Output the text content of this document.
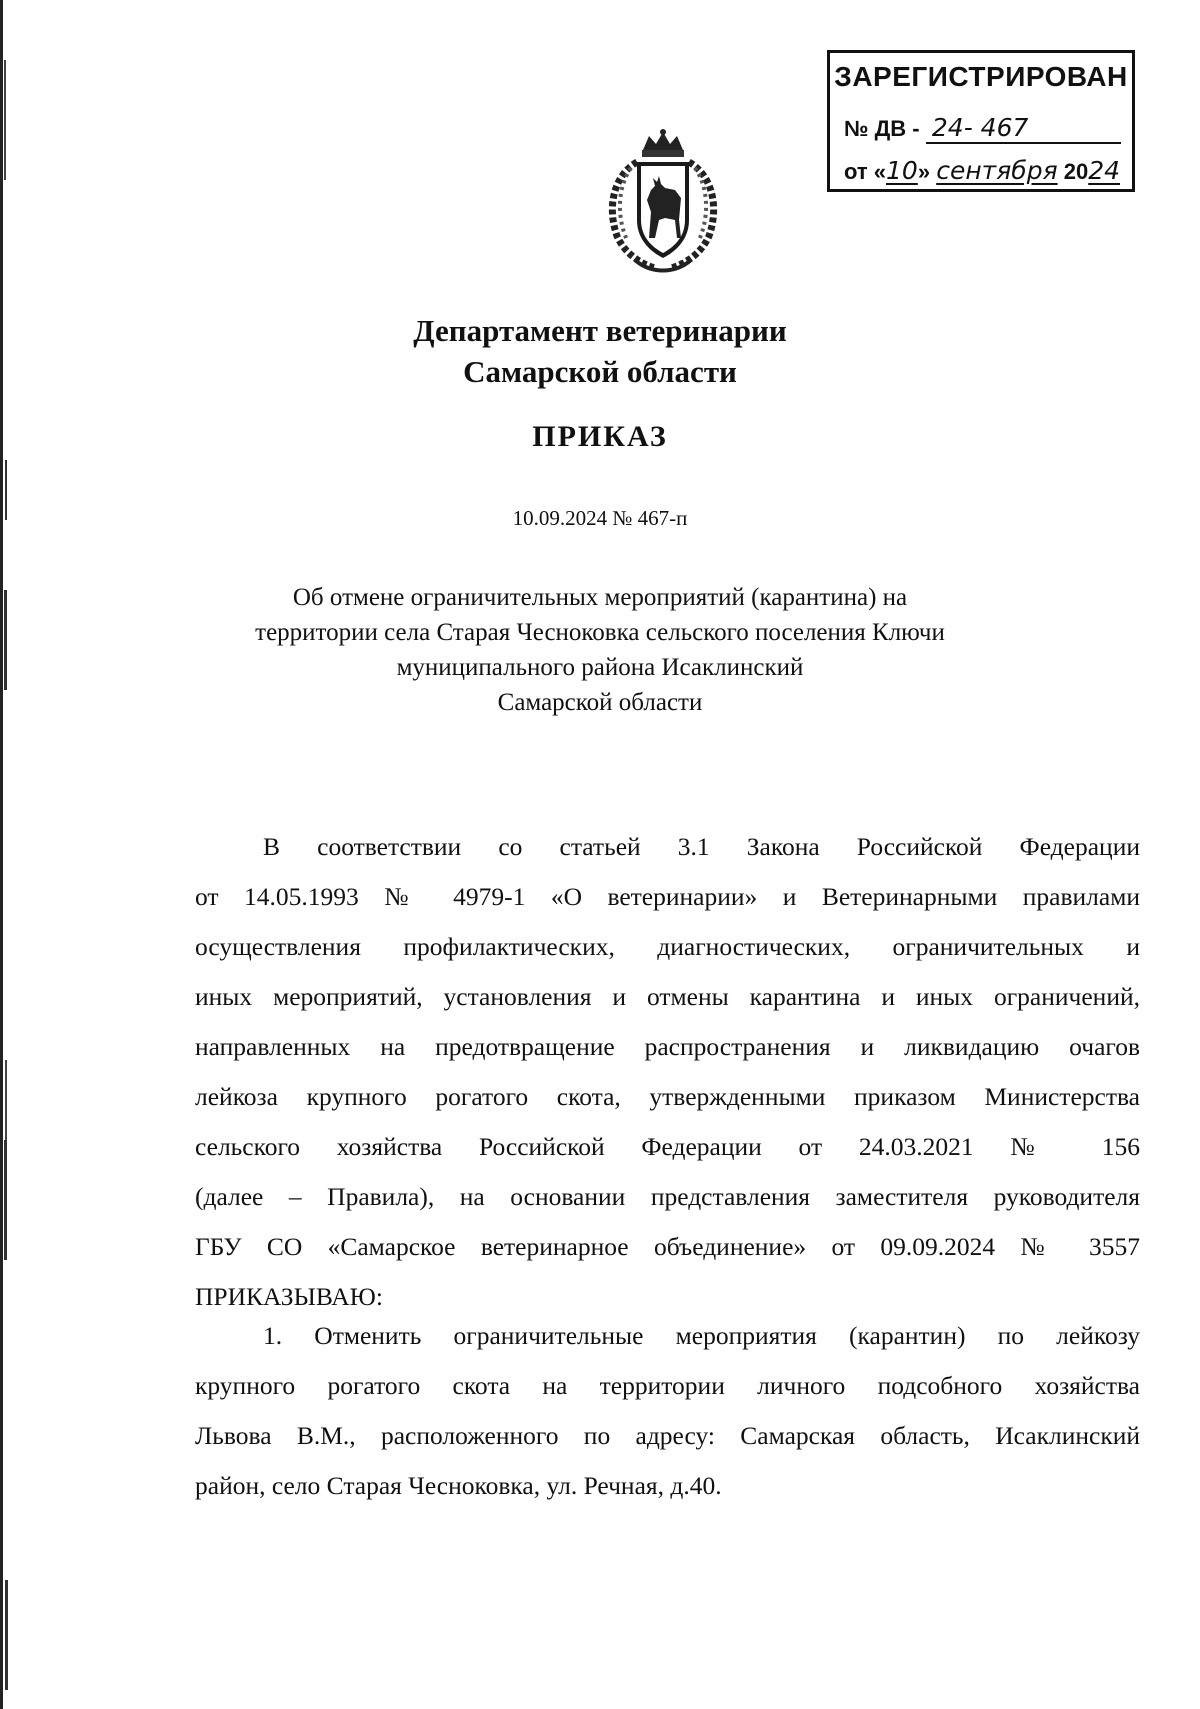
ЗАРЕГИСТРИРОВАН
№ ДВ - 24- 467
от «10» сентября 2024
Департамент ветеринарии
Самарской области
ПРИКАЗ
10.09.2024 № 467-п
Об отмене ограничительных мероприятий (карантина) на
территории села Старая Чесноковка сельского поселения Ключи
муниципального района Исаклинский
Самарской области
В соответствии со статьей 3.1 Закона Российской Федерации
от 14.05.1993 № 4979-1 «О ветеринарии» и Ветеринарными правилами
осуществления профилактических, диагностических, ограничительных и
иных мероприятий, установления и отмены карантина и иных ограничений,
направленных на предотвращение распространения и ликвидацию очагов
лейкоза крупного рогатого скота, утвержденными приказом Министерства
сельского хозяйства Российской Федерации от 24.03.2021 № 156
(далее – Правила), на основании представления заместителя руководителя
ГБУ СО «Самарское ветеринарное объединение» от 09.09.2024 № 3557
ПРИКАЗЫВАЮ:
1. Отменить ограничительные мероприятия (карантин) по лейкозу
крупного рогатого скота на территории личного подсобного хозяйства
Львова В.М., расположенного по адресу: Самарская область, Исаклинский
район, село Старая Чесноковка, ул. Речная, д.40.
